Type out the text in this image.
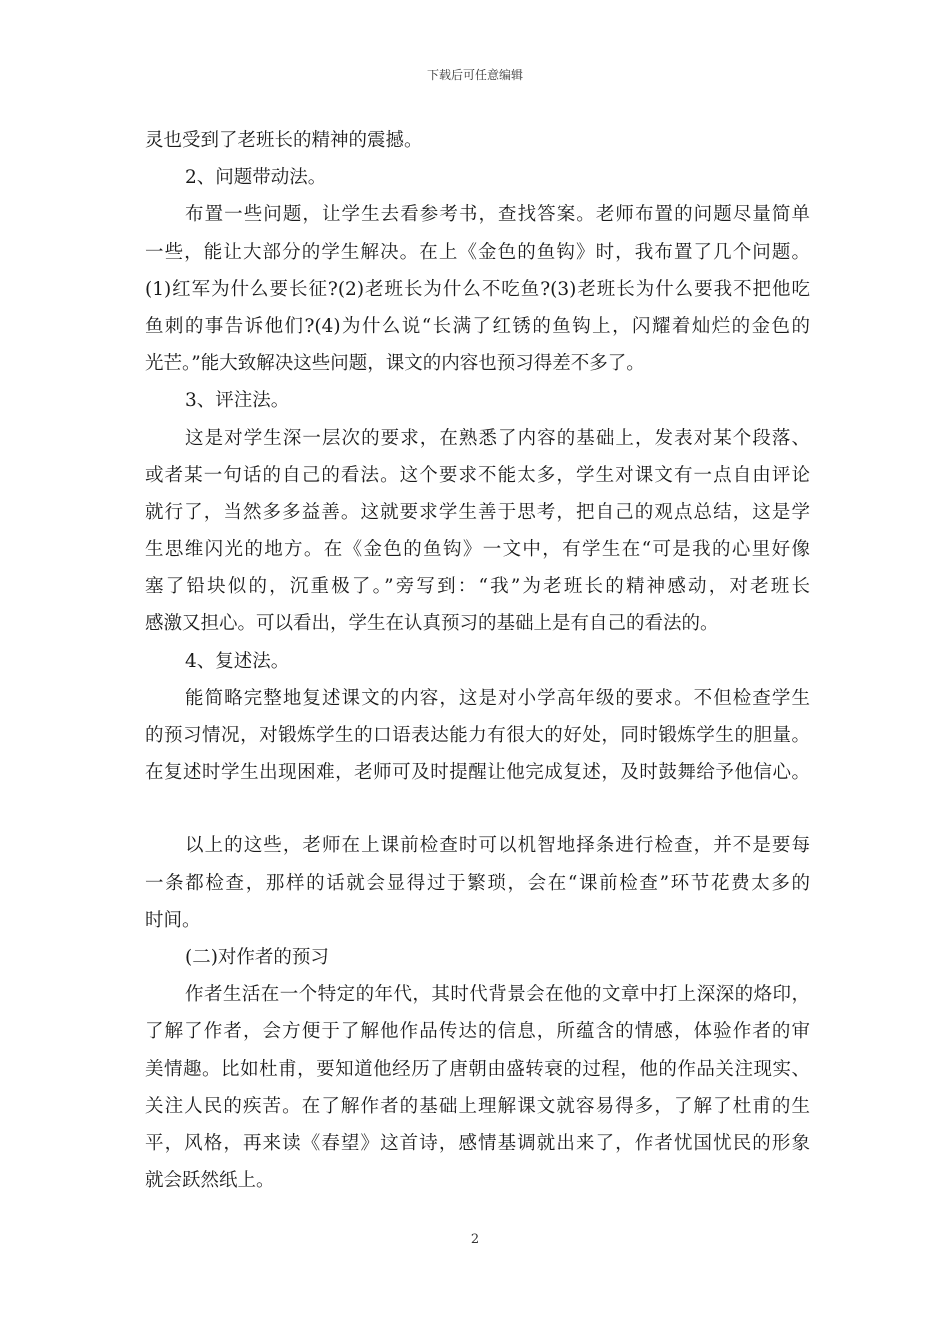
下载后可任意编辑
灵也受到了老班长的精神的震撼。
2、问题带动法。
布置一些问题，让学生去看参考书，查找答案。老师布置的问题尽量简单
一些，能让大部分的学生解决。在上《金色的鱼钩》时，我布置了几个问题。
(1)红军为什么要长征?(2)老班长为什么不吃鱼?(3)老班长为什么要我不把他吃
鱼刺的事告诉他们?(4)为什么说“长满了红锈的鱼钩上，闪耀着灿烂的金色的
光芒。”能大致解决这些问题，课文的内容也预习得差不多了。
3、评注法。
这是对学生深一层次的要求，在熟悉了内容的基础上，发表对某个段落、
或者某一句话的自己的看法。这个要求不能太多，学生对课文有一点自由评论
就行了，当然多多益善。这就要求学生善于思考，把自己的观点总结，这是学
生思维闪光的地方。在《金色的鱼钩》一文中，有学生在“可是我的心里好像
塞了铅块似的，沉重极了。”旁写到：“我”为老班长的精神感动，对老班长
感激又担心。可以看出，学生在认真预习的基础上是有自己的看法的。
4、复述法。
能简略完整地复述课文的内容，这是对小学高年级的要求。不但检查学生
的预习情况，对锻炼学生的口语表达能力有很大的好处，同时锻炼学生的胆量。
在复述时学生出现困难，老师可及时提醒让他完成复述，及时鼓舞给予他信心。
以上的这些，老师在上课前检查时可以机智地择条进行检查，并不是要每
一条都检查，那样的话就会显得过于繁琐，会在“课前检查”环节花费太多的
时间。
(二)对作者的预习
作者生活在一个特定的年代，其时代背景会在他的文章中打上深深的烙印，
了解了作者，会方便于了解他作品传达的信息，所蕴含的情感，体验作者的审
美情趣。比如杜甫，要知道他经历了唐朝由盛转衰的过程，他的作品关注现实、
关注人民的疾苦。在了解作者的基础上理解课文就容易得多，了解了杜甫的生
平，风格，再来读《春望》这首诗，感情基调就出来了，作者忧国忧民的形象
就会跃然纸上。
2
